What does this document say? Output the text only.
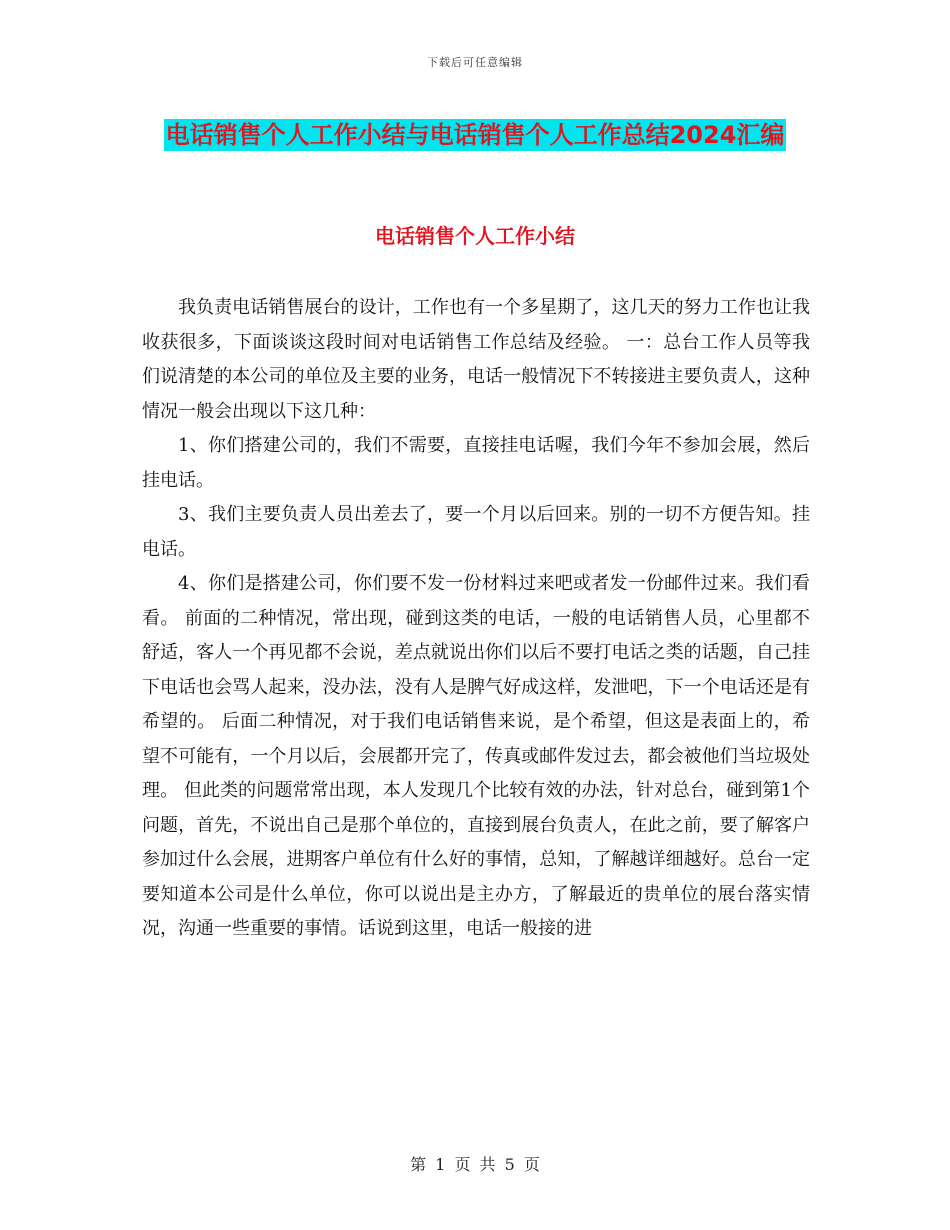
下载后可任意编辑
电话销售个人工作小结与电话销售个人工作总结2024汇编
电话销售个人工作小结

我负责电话销售展台的设计，工作也有一个多星期了，这几天的努力工作也让我收获很多，下面谈谈这段时间对电话销售工作总结及经验。 一：总台工作人员等我们说清楚的本公司的单位及主要的业务，电话一般情况下不转接进主要负责人，这种情况一般会出现以下这几种：

1、你们搭建公司的，我们不需要，直接挂电话喔，我们今年不参加会展，然后挂电话。

3、我们主要负责人员出差去了，要一个月以后回来。别的一切不方便告知。挂电话。

4、你们是搭建公司，你们要不发一份材料过来吧或者发一份邮件过来。我们看看。 前面的二种情况，常出现，碰到这类的电话，一般的电话销售人员，心里都不舒适，客人一个再见都不会说，差点就说出你们以后不要打电话之类的话题，自己挂下电话也会骂人起来，没办法，没有人是脾气好成这样，发泄吧，下一个电话还是有希望的。 后面二种情况，对于我们电话销售来说，是个希望，但这是表面上的，希望不可能有，一个月以后，会展都开完了，传真或邮件发过去，都会被他们当垃圾处理。 但此类的问题常常出现，本人发现几个比较有效的办法，针对总台，碰到第1个问题，首先，不说出自己是那个单位的，直接到展台负责人，在此之前，要了解客户参加过什么会展，进期客户单位有什么好的事情，总知，了解越详细越好。总台一定要知道本公司是什么单位，你可以说出是主办方，了解最近的贵单位的展台落实情况，沟通一些重要的事情。话说到这里，电话一般接的进

第 1 页 共 5 页
